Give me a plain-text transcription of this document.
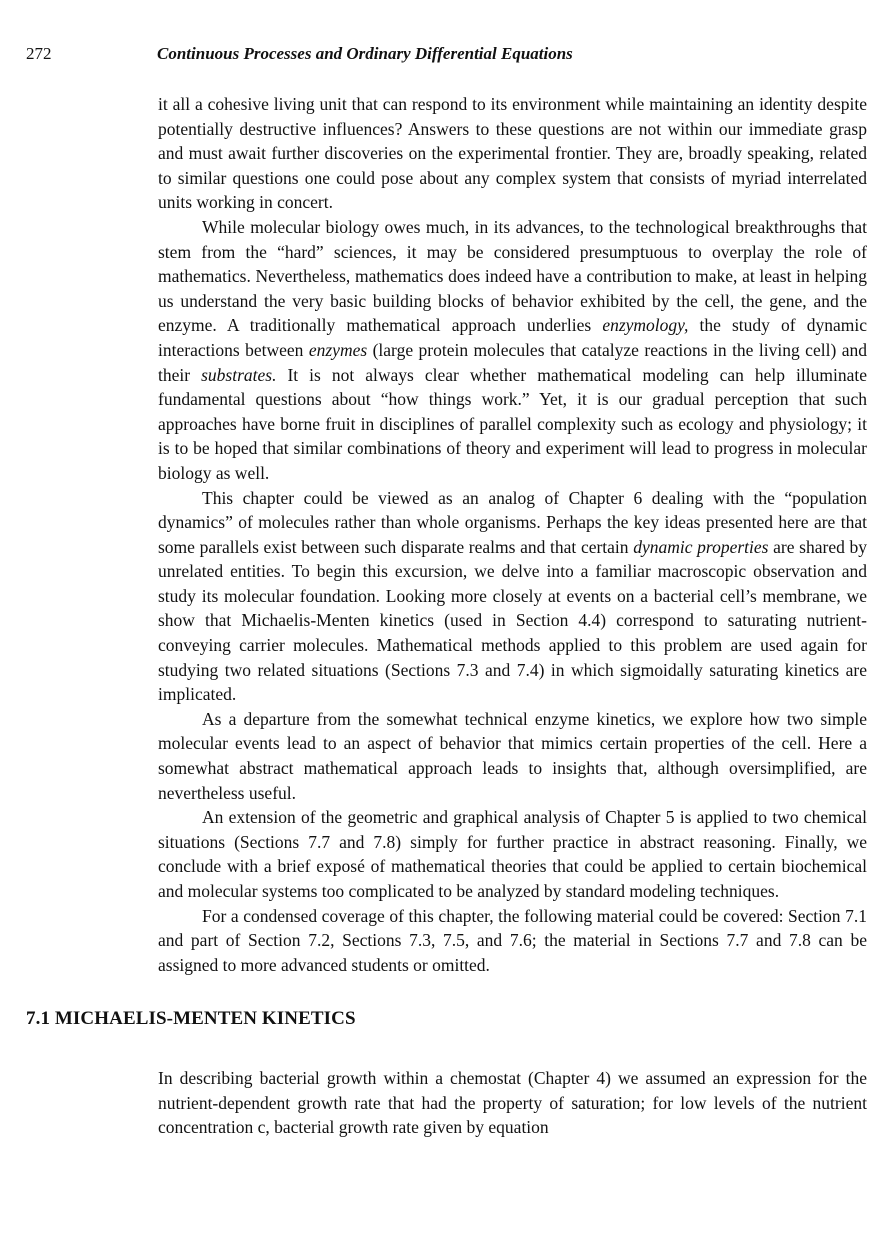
272	Continuous Processes and Ordinary Differential Equations

it all a cohesive living unit that can respond to its environment while maintaining an identity despite potentially destructive influences? Answers to these questions are not within our immediate grasp and must await further discoveries on the experimental frontier. They are, broadly speaking, related to similar questions one could pose about any complex system that consists of myriad interrelated units working in concert.

While molecular biology owes much, in its advances, to the technological breakthroughs that stem from the “hard” sciences, it may be considered presumptuous to overplay the role of mathematics. Nevertheless, mathematics does indeed have a contribution to make, at least in helping us understand the very basic building blocks of behavior exhibited by the cell, the gene, and the enzyme. A traditionally mathematical approach underlies enzymology, the study of dynamic interactions between enzymes (large protein molecules that catalyze reactions in the living cell) and their substrates. It is not always clear whether mathematical modeling can help illuminate fundamental questions about “how things work.” Yet, it is our gradual perception that such approaches have borne fruit in disciplines of parallel complexity such as ecology and physiology; it is to be hoped that similar combinations of theory and experiment will lead to progress in molecular biology as well.

This chapter could be viewed as an analog of Chapter 6 dealing with the “population dynamics” of molecules rather than whole organisms. Perhaps the key ideas presented here are that some parallels exist between such disparate realms and that certain dynamic properties are shared by unrelated entities. To begin this excursion, we delve into a familiar macroscopic observation and study its molecular foundation. Looking more closely at events on a bacterial cell’s membrane, we show that Michaelis-Menten kinetics (used in Section 4.4) correspond to saturating nutrient-conveying carrier molecules. Mathematical methods applied to this problem are used again for studying two related situations (Sections 7.3 and 7.4) in which sigmoidally saturating kinetics are implicated.

As a departure from the somewhat technical enzyme kinetics, we explore how two simple molecular events lead to an aspect of behavior that mimics certain properties of the cell. Here a somewhat abstract mathematical approach leads to insights that, although oversimplified, are nevertheless useful.

An extension of the geometric and graphical analysis of Chapter 5 is applied to two chemical situations (Sections 7.7 and 7.8) simply for further practice in abstract reasoning. Finally, we conclude with a brief exposé of mathematical theories that could be applied to certain biochemical and molecular systems too complicated to be analyzed by standard modeling techniques.

For a condensed coverage of this chapter, the following material could be covered: Section 7.1 and part of Section 7.2, Sections 7.3, 7.5, and 7.6; the material in Sections 7.7 and 7.8 can be assigned to more advanced students or omitted.

7.1 MICHAELIS-MENTEN KINETICS

In describing bacterial growth within a chemostat (Chapter 4) we assumed an expression for the nutrient-dependent growth rate that had the property of saturation; for low levels of the nutrient concentration c, bacterial growth rate given by equation
